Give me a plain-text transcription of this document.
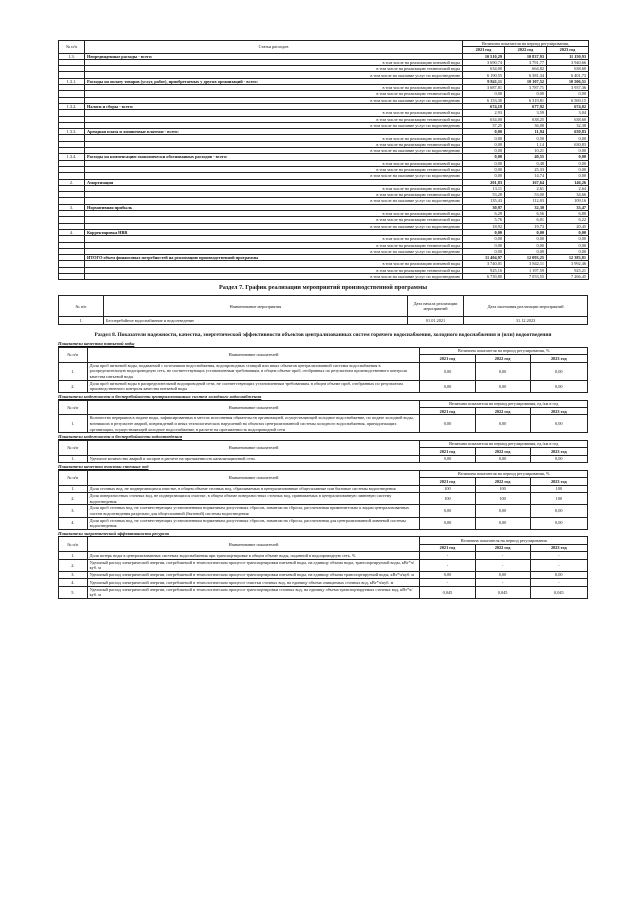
№ п/п	Статья расходов	Величина показателя на период регулирования,		
		2021 год	2022 год	2023 год
1.3.	Непредвиденные расходы - всего:	10 510,29	10 837,93	11 150,93
	в том числе на реализацию питьевой воды	3 690,74	3 791,77	3 940,66
	в том числе на реализацию технической воды	634,00	664,82	638,60
	в том числе на оказание услуг по водоотведению	6 190,55	6 381,34	6 401,73
1.3.1.	Расходы на оплату товаров (услуг, работ), приобретаемых у других организаций - всего:	9 841,11	10 107,52	10 506,51
	в том числе на реализацию питьевой воды	3 687,81	3 787,71	3 937,36
	в том числе на реализацию технической воды	0,00	0,00	0,00
	в том числе на оказание услуг по водоотведению	6 153,30	6 319,81	6 569,15
1.3.2.	Налоги и сборы - всего:	674,18	677,92	674,02
	в том числе на реализацию питьевой воды	2,93	3,59	3,04
	в том числе на реализацию технической воды	634,00	638,25	638,60
	в том числе на оказание услуг по водоотведению	37,25	36,08	32,38
1.3.3.	Арендная плата и лизинговые платежи - всего:	0,00	11,94	630,83
	в том числе на реализацию питьевой воды	0,00	0,50	0,00
	в том числе на реализацию технической воды	0,00	1,14	630,83
	в том числе на оказание услуг по водоотведению	0,00	10,21	0,00
1.3.4.	Расходы на компенсацию экономически обоснованных расходов - всего:	0,00	40,55	0,00
	в том числе на реализацию питьевой воды	0,00	0,48	0,00
	в том числе на реализацию технической воды	0,00	25,33	0,00
	в том числе на оказание услуг по водоотведению	0,00	14,74	0,00
2.	Амортизация	201,83	167,64	146,26
	в том числе на реализацию питьевой воды	13,11	2,61	2,64
	в том числе на реализацию технической воды	53,28	53,00	34,66
	в том числе на оказание услуг по водоотведению	135,43	112,03	109,16
3.	Нормативная прибыль	30,97	32,30	33,47
	в том числе на реализацию питьевой воды	6,29	6,56	6,80
	в том числе на реализацию технической воды	5,76	6,01	6,22
	в том числе на оказание услуг по водоотведению	18,92	19,73	20,45
4.	Корректировка НВВ	0,00	0,00	0,00
	в том числе на реализацию питьевой воды	0,00	0,00	0,00
	в том числе на реализацию технической воды	0,00	0,00	0,00
	в том числе на оказание услуг по водоотведению	0,00	0,00	0,00
	ИТОГО объем финансовых потребностей на реализацию производственной программы	11 404,97	12 093,25	12 383,81
	в том числе на реализацию питьевой воды	3 740,01	3 842,11	3 992,46
	в том числе на реализацию технической воды	925,16	1 197,59	925,21
	в том числе на оказание услуг по водоотведению	6 739,80	7 053,55	7 266,45
Раздел 7. График реализации мероприятий производственной программы
№ п/п	Наименование мероприятия	Дата начала реализации мероприятий	Дата окончания реализации мероприятий
1.	Бесперебойное водоснабжение и водоотведение	01.01.2021	31.12.2023
Раздел 8. Показатели надежности, качества, энергетической эффективности объектов централизованных систем горячего водоснабжения, холодного водоснабжения и (или) водоотведения
Показатели качества питьевой воды
№ п/п	Наименование показателей	Величина показателя на период регулирования, %		
		2021 год	2022 год	2023 год
1.	Доля проб питьевой воды, подаваемой с источников водоснабжения, водопроводных станций или иных объектов централизованной системы водоснабжения в распределительную водопроводную сеть, не соответствующих установленным требованиям, в общем объеме проб, отобранных по результатам производственного контроля качества питьевой воды	0,00	0,00	0,00
2.	Доля проб питьевой воды в распределительной водопроводной сети, не соответствующих установленным требованиям, в общем объеме проб, отобранных по результатам производственного контроля качества питьевой воды	0,00	0,00	0,00
Показатели надежности и бесперебойности централизованных систем холодного водоснабжения
№ п/п	Наименование показателей	Величина показателя на период регулирования, ед./км в год		
		2021 год	2022 год	2023 год
1.	Количество перерывов в подаче воды, зафиксированных в местах исполнения обязательств организацией, осуществляющей холодное водоснабжение, по подаче холодной воды, возникших в результате аварий, повреждений и иных технологических нарушений на объектах централизованной системы холодного водоснабжения, принадлежащих организации, осуществляющей холодное водоснабжение, в расчете на протяженность водопроводной сети	0,00	0,00	0,00
Показатели надежности и бесперебойности водоотведения
№ п/п	Наименование показателей	Величина показателя на период регулирования, ед./км в год		
		2021 год	2022 год	2023 год
1.	Удельное количество аварий и засоров в расчете на протяженность канализационной сети.	0,00	0,00	0,00
Показатели качества очистки сточных вод
№ п/п	Наименование показателей	Величина показателя на период регулирования, %		
		2021 год	2022 год	2023 год
1.	Доля сточных вод, не подвергающихся очистке, в общем объеме сточных вод, сбрасываемых в централизованные общесплавные или бытовые системы водоотведения	100	100	100
2.	Доля поверхностных сточных вод, не подвергающихся очистке, в общем объеме поверхностных сточных вод, принимаемых в централизованную ливневую систему водоотведения	100	100	100
3.	Доля проб сточных вод, не соответствующих установленным нормативам допустимых сбросов, лимитам на сбросы, рассчитанная применительно к видам централизованных систем водоотведения раздельно для общесплавной (бытовой) системы водоотведения	0,00	0,00	0,00
4.	Доля проб сточных вод, не соответствующих установленным нормативам допустимых сбросов, лимитам на сбросы, рассчитанная для централизованной ливневой системы водоотведения	0,00	0,00	0,00
Показатели энергетической эффективности ресурсов
№ п/п	Наименование показателей	Величина показателя на период регулирования		
		2021 год	2022 год	2023 год
1.	Доля потерь воды в централизованных системах водоснабжения при транспортировке в общем объеме воды, поданной в водопроводную сеть, %	-	-	-
2.	Удельный расход электрической энергии, потребляемой в технологическом процессе транспортировки питьевой воды, на единицу объема воды, транспортируемой воды, кВт*ч/куб. м	-	-	-
3.	Удельный расход электрической энергии, потребляемой в технологическом процессе транспортировки питьевой воды, на единицу объема транспортируемой воды, кВт*ч/куб. м	0,00	0,00	0,00
4.	Удельный расход электрической энергии, потребляемой в технологическом процессе очистки сточных вод, на единицу объема очищаемых сточных вод, кВт*ч/куб. м	-	-	-
5.	Удельный расход электрической энергии, потребляемой в технологическом процессе транспортировки сточных вод, на единицу объема транспортируемых сточных вод, кВт*ч/куб. м	0,045	0,045	0,045
